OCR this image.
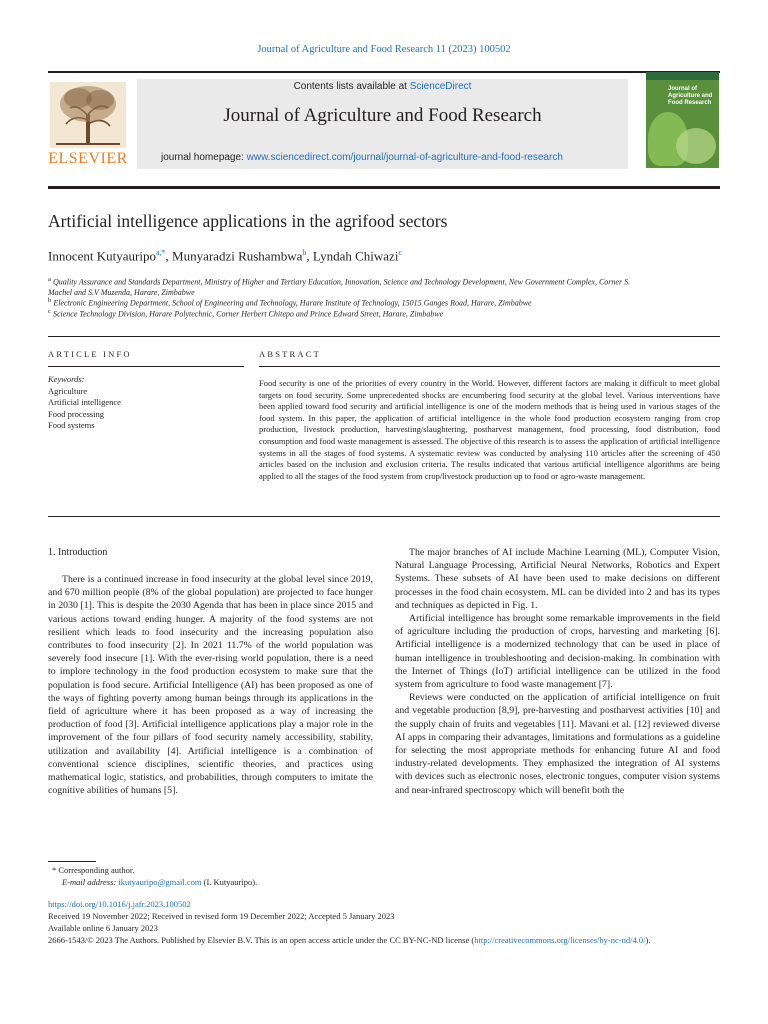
Journal of Agriculture and Food Research 11 (2023) 100502
ELSEVIER
Contents lists available at ScienceDirect
Journal of Agriculture and Food Research
journal homepage: www.sciencedirect.com/journal/journal-of-agriculture-and-food-research
Journal of Agriculture and Food Research
Artificial intelligence applications in the agrifood sectors
Innocent Kutyauripo$^{a,*}$, Munyaradzi Rushambwa$^b$, Lyndah Chiwazi$^c$
$^a$ Quality Assurance and Standards Department, Ministry of Higher and Tertiary Education, Innovation, Science and Technology Development, New Government Complex, Corner S. Machel and S.V Muzenda, Harare, Zimbabwe
$^b$ Electronic Engineering Department, School of Engineering and Technology, Harare Institute of Technology, 15015 Ganges Road, Harare, Zimbabwe
$^c$ Science Technology Division, Harare Polytechnic, Corner Herbert Chitepo and Prince Edward Street, Harare, Zimbabwe
ARTICLE INFO	ABSTRACT
Keywords:
Agriculture
Artificial intelligence
Food processing
Food systems
Food security is one of the priorities of every country in the World. However, different factors are making it difficult to meet global targets on food security. Some unprecedented shocks are encumbering food security at the global level. Various interventions have been applied toward food security and artificial intelligence is one of the modern methods that is being used in various stages of the food system. In this paper, the application of artificial intelligence in the whole food production ecosystem ranging from crop production, livestock production, harvesting/slaughtering, postharvest management, food processing, food distribution, food consumption and food waste management is assessed. The objective of this research is to assess the application of artificial intelligence systems in all the stages of food systems. A systematic review was conducted by analysing 110 articles after the screening of 450 articles based on the inclusion and exclusion criteria. The results indicated that various artificial intelligence algorithms are being applied to all the stages of the food system from crop/livestock production up to food or agro-waste management.
1. Introduction

There is a continued increase in food insecurity at the global level since 2019, and 670 million people (8% of the global population) are projected to face hunger in 2030 [1]. This is despite the 2030 Agenda that has been in place since 2015 and various actions toward ending hunger. A majority of the food systems are not resilient which leads to food insecurity and the increasing population also contributes to food insecurity [2]. In 2021 11.7% of the world population was severely food insecure [1]. With the ever-rising world population, there is a need to implore technology in the food production ecosystem to make sure that the population is food secure. Artificial Intelligence (AI) has been proposed as one of the ways of fighting poverty among human beings through its applications in the field of agriculture where it has been proposed as a way of increasing the production of food [3]. Artificial intelligence applications play a major role in the improvement of the four pillars of food security namely accessibility, stability, utilization and availability [4]. Artificial intelligence is a combination of conventional science disciplines, scientific theories, and practices using mathematical logic, statistics, and probabilities, through computers to imitate the cognitive abilities of humans [5].

The major branches of AI include Machine Learning (ML), Computer Vision, Natural Language Processing, Artificial Neural Networks, Robotics and Expert Systems. These subsets of AI have been used to make decisions on different processes in the food chain ecosystem. ML can be divided into 2 and has its types and techniques as depicted in Fig. 1.

Artificial intelligence has brought some remarkable improvements in the field of agriculture including the production of crops, harvesting and marketing [6]. Artificial intelligence is a modernized technology that can be used in place of human intelligence in troubleshooting and decision-making. In combination with the Internet of Things (IoT) artificial intelligence can be utilized in the food system from agriculture to food waste management [7].

Reviews were conducted on the application of artificial intelligence on fruit and vegetable production [8,9], pre-harvesting and postharvest activities [10] and the supply chain of fruits and vegetables [11]. Mavani et al. [12] reviewed diverse AI apps in comparing their advantages, limitations and formulations as a guideline for selecting the most appropriate methods for enhancing future AI and food industry-related developments. They emphasized the integration of AI systems with devices such as electronic noses, electronic tongues, computer vision systems and near-infrared spectroscopy which will benefit both the

* Corresponding author.
E-mail address: ikutyauripo@gmail.com (I. Kutyauripo).
https://doi.org/10.1016/j.jafr.2023.100502
Received 19 November 2022; Received in revised form 19 December 2022; Accepted 5 January 2023
Available online 6 January 2023
2666-1543/© 2023 The Authors. Published by Elsevier B.V. This is an open access article under the CC BY-NC-ND license (http://creativecommons.org/licenses/by-nc-nd/4.0/).
